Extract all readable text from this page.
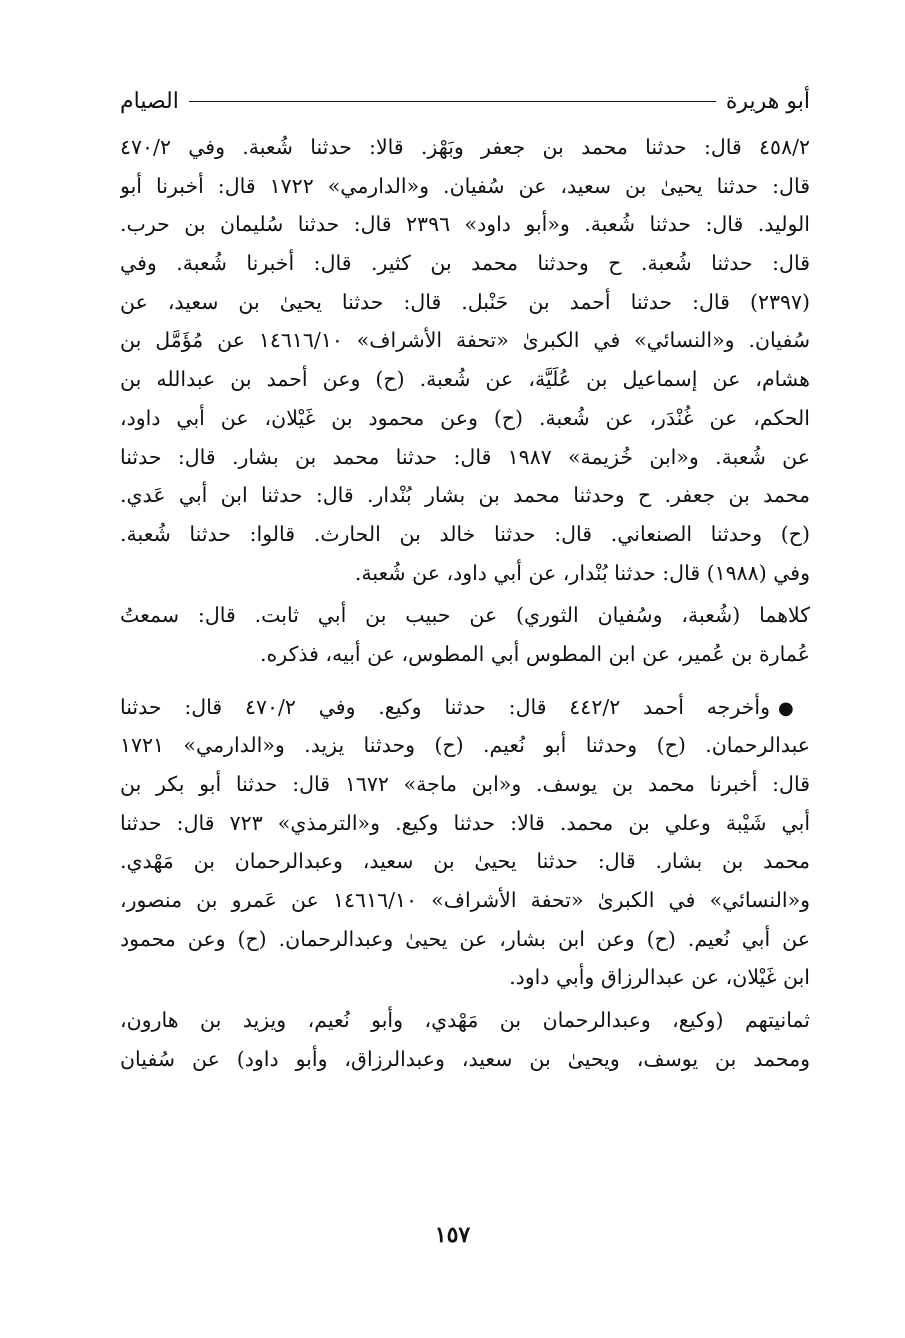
الصيام	أبو هريرة
٤٥٨/٢ قال: حدثنا محمد بن جعفر وبَهْز. قالا: حدثنا شُعبة. وفي ٤٧٠/٢
قال: حدثنا يحيىٰ بن سعيد، عن سُفيان. و«الدارمي» ١٧٢٢ قال: أخبرنا أبو
الوليد. قال: حدثنا شُعبة. و«أبو داود» ٢٣٩٦ قال: حدثنا سُليمان بن حرب.
قال: حدثنا شُعبة. ح وحدثنا محمد بن كثير. قال: أخبرنا شُعبة. وفي
(٢٣٩٧) قال: حدثنا أحمد بن حَنْبل. قال: حدثنا يحيىٰ بن سعيد، عن
سُفيان. و«النسائي» في الكبرىٰ «تحفة الأشراف» ١٤٦١٦/١٠ عن مُؤَمَّل بن
هشام، عن إسماعيل بن عُلَيَّة، عن شُعبة. (ح) وعن أحمد بن عبدالله بن
الحكم، عن غُنْدَر، عن شُعبة. (ح) وعن محمود بن غَيْلان، عن أبي داود،
عن شُعبة. و«ابن خُزيمة» ١٩٨٧ قال: حدثنا محمد بن بشار. قال: حدثنا
محمد بن جعفر. ح وحدثنا محمد بن بشار بُنْدار. قال: حدثنا ابن أبي عَدي.
(ح) وحدثنا الصنعاني. قال: حدثنا خالد بن الحارث. قالوا: حدثنا شُعبة.
وفي (١٩٨٨) قال: حدثنا بُنْدار، عن أبي داود، عن شُعبة.
كلاهما (شُعبة، وسُفيان الثوري) عن حبيب بن أبي ثابت. قال: سمعتُ
عُمارة بن عُمير، عن ابن المطوس أبي المطوس، عن أبيه، فذكره.
●وأخرجه أحمد ٤٤٢/٢ قال: حدثنا وكيع. وفي ٤٧٠/٢ قال: حدثنا
عبدالرحمان. (ح) وحدثنا أبو نُعيم. (ح) وحدثنا يزيد. و«الدارمي» ١٧٢١
قال: أخبرنا محمد بن يوسف. و«ابن ماجة» ١٦٧٢ قال: حدثنا أبو بكر بن
أبي شَيْبة وعلي بن محمد. قالا: حدثنا وكيع. و«الترمذي» ٧٢٣ قال: حدثنا
محمد بن بشار. قال: حدثنا يحيىٰ بن سعيد، وعبدالرحمان بن مَهْدي.
و«النسائي» في الكبرىٰ «تحفة الأشراف» ١٤٦١٦/١٠ عن عَمرو بن منصور،
عن أبي نُعيم. (ح) وعن ابن بشار، عن يحيىٰ وعبدالرحمان. (ح) وعن محمود
ابن غَيْلان، عن عبدالرزاق وأبي داود.
ثمانيتهم (وكيع، وعبدالرحمان بن مَهْدي، وأبو نُعيم، ويزيد بن هارون،
ومحمد بن يوسف، ويحيىٰ بن سعيد، وعبدالرزاق، وأبو داود) عن سُفيان
١٥٧
